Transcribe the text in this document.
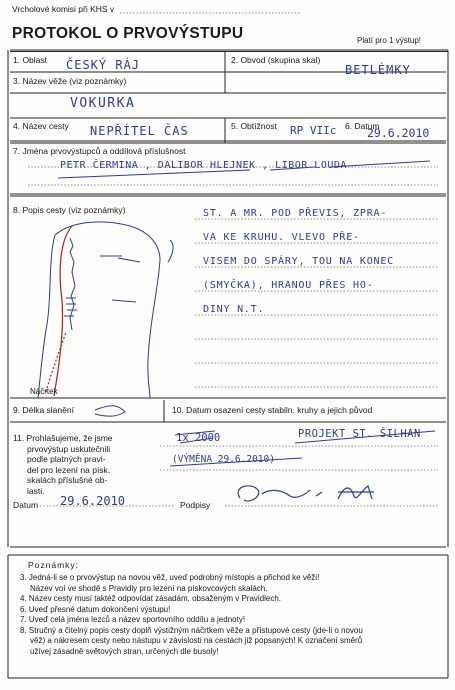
Vrcholové komisi při KHS v
PROTOKOL O PRVOVÝSTUPU	Platí pro 1 výstup!
1. Oblast ČESKÝ RÁJ	2. Obvod (skupina skal)
BETLÉMKY
3. Název věže (viz poznámky)
VOKURKA
4. Název cesty NEPŘÍTEL ČAS	5. Obtížnost RP VIIc 6. Datum
29.6.2010
7. Jména prvovýstupců a oddílová příslušnost
PETR ČERMINA , DALIBOR HLEJNEK , LIBOR LOUDA
8. Popis cesty (viz poznámky)	ST. A MR. POD PŘEVIS, ZPRA-
VA KE KRUHU. VLEVO PŘE-
VISEM DO SPÁRY, TOU NA KONEC
(SMYČKA), HRANOU PŘES HO-
DINY N.T.
Náčrtek
9. Délka slanění	10. Datum osazení cesty stabiln. kruhy a jejich původ
11. Prohlašujeme, že jsme
prvovýstup uskutečnili
podle platných pravi-
del pro lezení na písk.
skalách příslušné ob-
lasti.
1x 2000	PROJEKT ST. ŠILHAN
(VÝMĚNA 29.6.2010)
Datum 29.6.2010	Podpisy
Poznámky:
3. Jedná-li se o prvovýstup na novou věž, uveď podrobný místopis a přichod ke věži!
Název voí ve shodě s Pravidly pro lezení na pískovcových skalách.
4. Název cesty musí taktéž odpovídat zásadám, obsaženým v Pravidlech.
6. Uveď přesné datum dokončení výstupu!
7. Uveď celá jména lezců a název sportovního oddílu a jednoty!
8. Stručný a čitelný popis cesty doplň výstižným náčrtkem věže a přístupové cesty (jde-li o novou
věž) a nákresem cesty nebo nástupu v závislosti na cestách již popsaných! K označení směrů
užívej zásadně světových stran, určených dle busoly!
